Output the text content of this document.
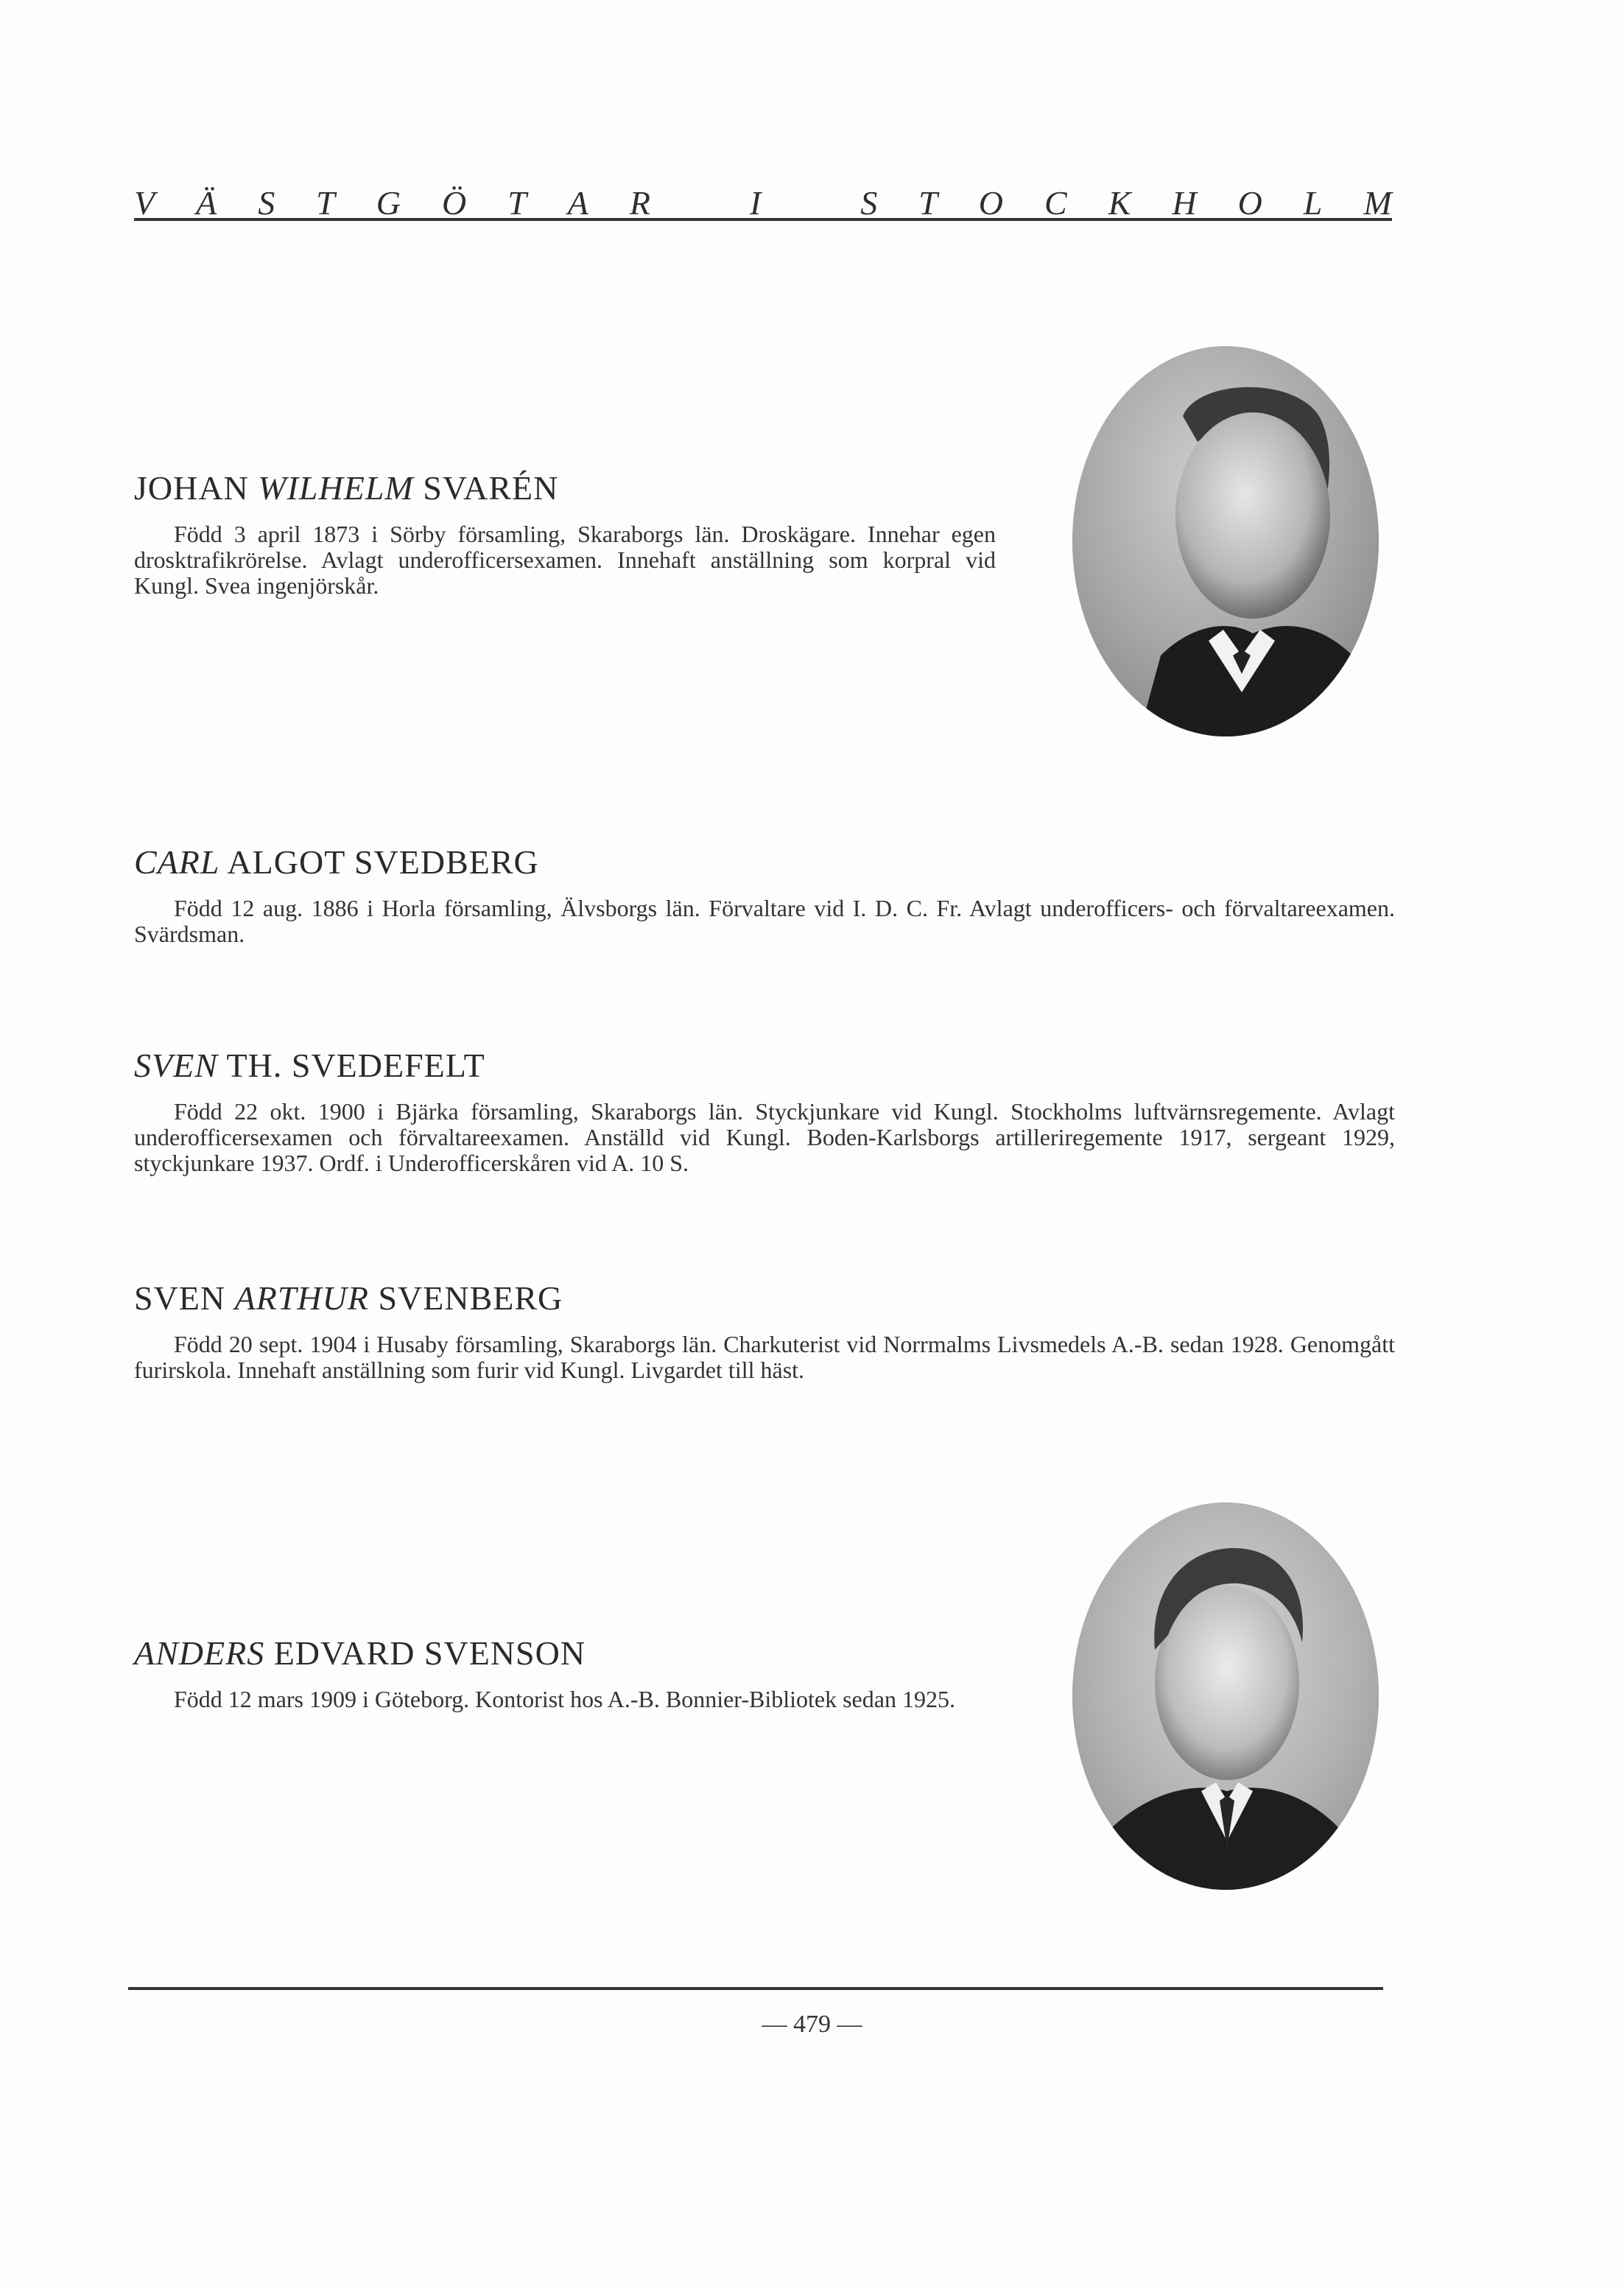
V Ä S T G Ö T A R
	I
	S T O C K H O L M
JOHAN WILHELM SVARÉN
Född 3 april 1873 i Sörby församling, Skaraborgs län. Droskägare. Innehar egen drosktrafikrörelse. Avlagt underofficersexamen. Innehaft anställning som korpral vid Kungl. Svea ingenjörskår.
CARL ALGOT SVEDBERG
Född 12 aug. 1886 i Horla församling, Älvsborgs län. Förvaltare vid I. D. C. Fr. Avlagt underofficers- och förvaltareexamen. Svärdsman.
SVEN TH. SVEDEFELT
Född 22 okt. 1900 i Bjärka församling, Skaraborgs län. Styckjunkare vid Kungl. Stockholms luftvärnsregemente. Avlagt underofficersexamen och förvaltareexamen. Anställd vid Kungl. Boden-Karlsborgs artilleriregemente 1917, sergeant 1929, styckjunkare 1937. Ordf. i Underofficerskåren vid A. 10 S.
SVEN ARTHUR SVENBERG
Född 20 sept. 1904 i Husaby församling, Skaraborgs län. Charkuterist vid Norrmalms Livsmedels A.-B. sedan 1928. Genomgått furirskola. Innehaft anställning som furir vid Kungl. Livgardet till häst.
ANDERS EDVARD SVENSON
Född 12 mars 1909 i Göteborg. Kontorist hos A.-B. Bonnier-Bibliotek sedan 1925.
— 479 —
